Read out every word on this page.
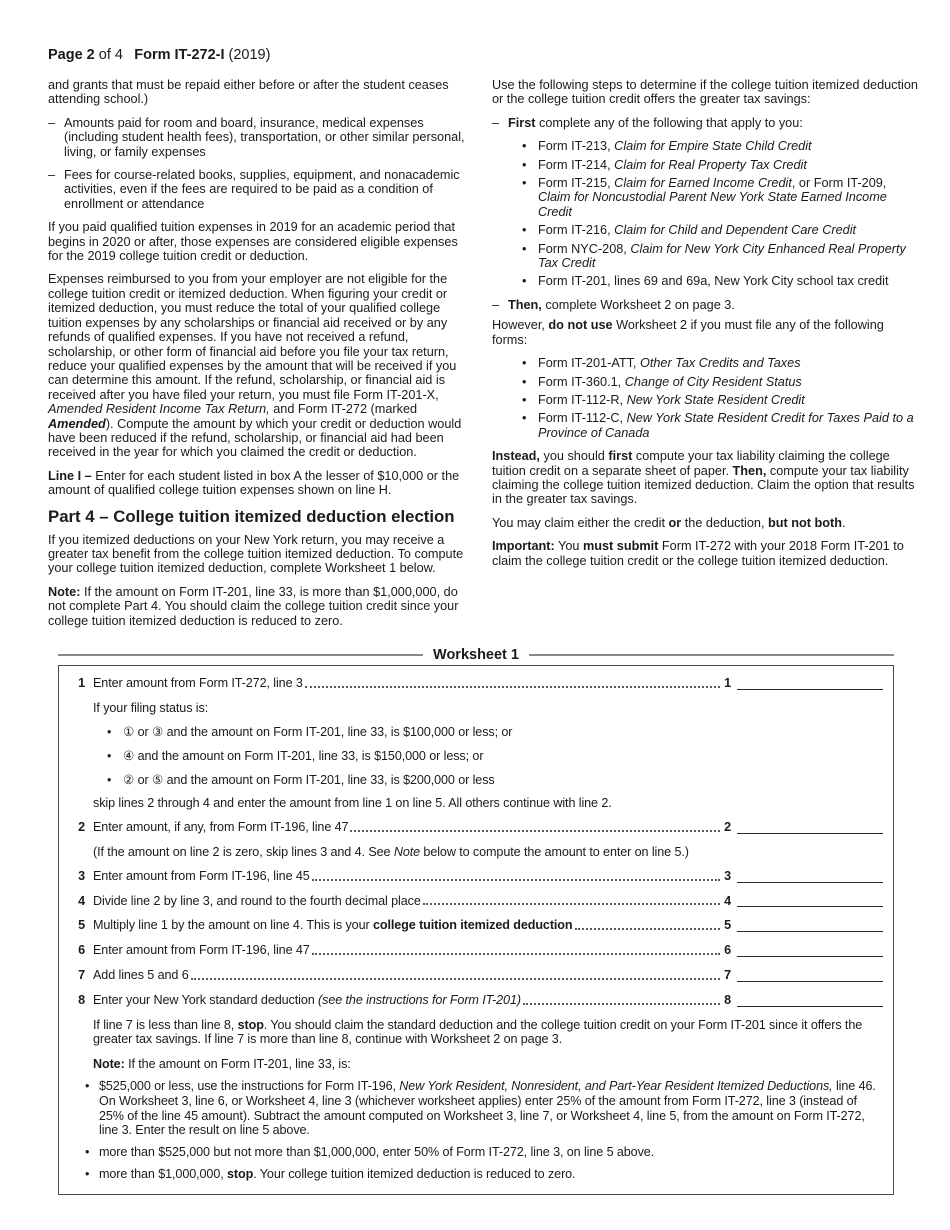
Page 2 of 4  Form IT-272-I (2019)

and grants that must be repaid either before or after the student ceases attending school.)

– Amounts paid for room and board, insurance, medical expenses (including student health fees), transportation, or other similar personal, living, or family expenses
– Fees for course-related books, supplies, equipment, and nonacademic activities, even if the fees are required to be paid as a condition of enrollment or attendance

If you paid qualified tuition expenses in 2019 for an academic period that begins in 2020 or after, those expenses are considered eligible expenses for the 2019 college tuition credit or deduction.

Expenses reimbursed to you from your employer are not eligible for the college tuition credit or itemized deduction. When figuring your credit or itemized deduction, you must reduce the total of your qualified college tuition expenses by any scholarships or financial aid received or by any refunds of qualified expenses. If you have not received a refund, scholarship, or other form of financial aid before you file your tax return, reduce your qualified expenses by the amount that will be received if you can determine this amount. If the refund, scholarship, or financial aid is received after you have filed your return, you must file Form IT-201-X, Amended Resident Income Tax Return, and Form IT-272 (marked Amended). Compute the amount by which your credit or deduction would have been reduced if the refund, scholarship, or financial aid had been received in the year for which you claimed the credit or deduction.

Line I – Enter for each student listed in box A the lesser of $10,000 or the amount of qualified college tuition expenses shown on line H.

Part 4 – College tuition itemized deduction election

If you itemized deductions on your New York return, you may receive a greater tax benefit from the college tuition itemized deduction. To compute your college tuition itemized deduction, complete Worksheet 1 below.

Note: If the amount on Form IT-201, line 33, is more than $1,000,000, do not complete Part 4. You should claim the college tuition credit since your college tuition itemized deduction is reduced to zero.

Use the following steps to determine if the college tuition itemized deduction or the college tuition credit offers the greater tax savings:

– First complete any of the following that apply to you:
• Form IT-213, Claim for Empire State Child Credit
• Form IT-214, Claim for Real Property Tax Credit
• Form IT-215, Claim for Earned Income Credit, or Form IT-209, Claim for Noncustodial Parent New York State Earned Income Credit
• Form IT-216, Claim for Child and Dependent Care Credit
• Form NYC-208, Claim for New York City Enhanced Real Property Tax Credit
• Form IT-201, lines 69 and 69a, New York City school tax credit
– Then, complete Worksheet 2 on page 3.

However, do not use Worksheet 2 if you must file any of the following forms:

• Form IT-201-ATT, Other Tax Credits and Taxes
• Form IT-360.1, Change of City Resident Status
• Form IT-112-R, New York State Resident Credit
• Form IT-112-C, New York State Resident Credit for Taxes Paid to a Province of Canada

Instead, you should first compute your tax liability claiming the college tuition credit on a separate sheet of paper. Then, compute your tax liability claiming the college tuition itemized deduction. Claim the option that results in the greater tax savings.

You may claim either the credit or the deduction, but not both.

Important: You must submit Form IT-272 with your 2018 Form IT-201 to claim the college tuition credit or the college tuition itemized deduction.

Worksheet 1
1 Enter amount from Form IT-272, line 3	1
If your filing status is:
• ① or ③ and the amount on Form IT-201, line 33, is $100,000 or less; or
• ④ and the amount on Form IT-201, line 33, is $150,000 or less; or
• ② or ⑤ and the amount on Form IT-201, line 33, is $200,000 or less
skip lines 2 through 4 and enter the amount from line 1 on line 5. All others continue with line 2.
2 Enter amount, if any, from Form IT-196, line 47	2
(If the amount on line 2 is zero, skip lines 3 and 4. See Note below to compute the amount to enter on line 5.)
3 Enter amount from Form IT-196, line 45	3
4 Divide line 2 by line 3, and round to the fourth decimal place	4
5 Multiply line 1 by the amount on line 4. This is your college tuition itemized deduction	5
6 Enter amount from Form IT-196, line 47	6
7 Add lines 5 and 6	7
8 Enter your New York standard deduction (see the instructions for Form IT-201)	8
If line 7 is less than line 8, stop. You should claim the standard deduction and the college tuition credit on your Form IT-201 since it offers the greater tax savings. If line 7 is more than line 8, continue with Worksheet 2 on page 3.
Note: If the amount on Form IT-201, line 33, is:
• $525,000 or less, use the instructions for Form IT-196, New York Resident, Nonresident, and Part-Year Resident Itemized Deductions, line 46. On Worksheet 3, line 6, or Worksheet 4, line 3 (whichever worksheet applies) enter 25% of the amount from Form IT-272, line 3 (instead of 25% of the line 45 amount). Subtract the amount computed on Worksheet 3, line 7, or Worksheet 4, line 5, from the amount on Form IT-272, line 3. Enter the result on line 5 above.
• more than $525,000 but not more than $1,000,000, enter 50% of Form IT-272, line 3, on line 5 above.
• more than $1,000,000, stop. Your college tuition itemized deduction is reduced to zero.
